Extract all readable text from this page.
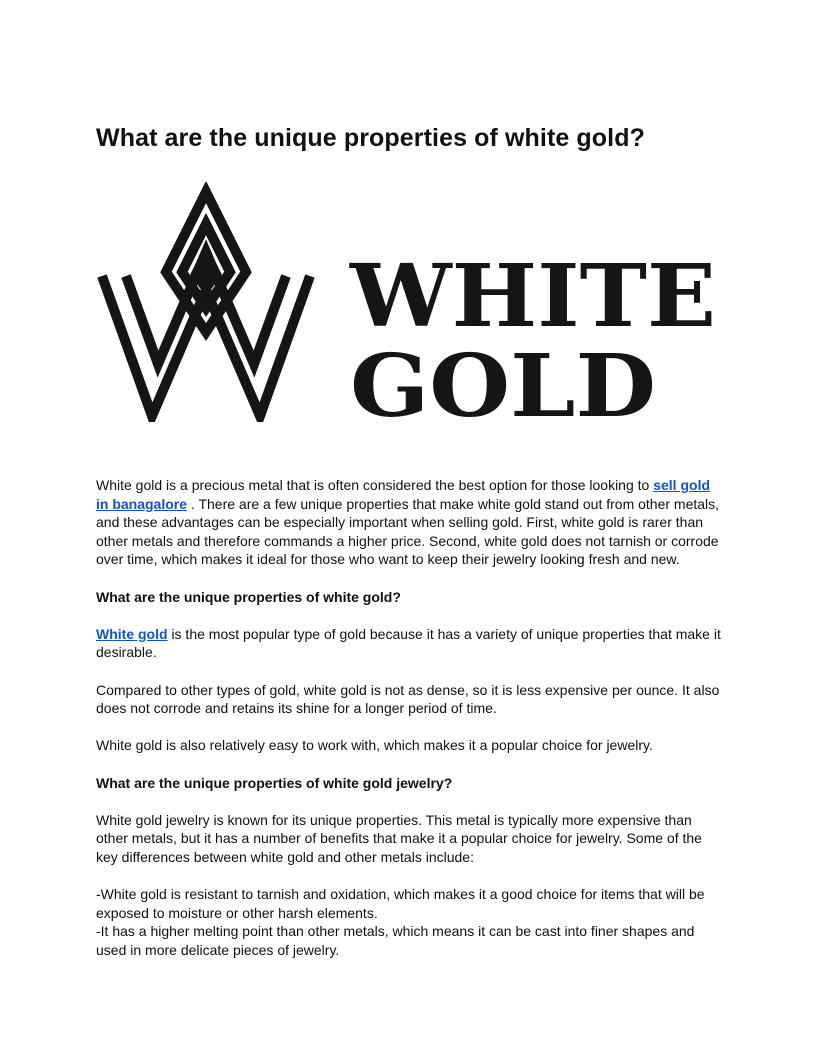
What are the unique properties of white gold?
WHITE
GOLD

White gold is a precious metal that is often considered the best option for those looking to sell gold in banagalore . There are a few unique properties that make white gold stand out from other metals, and these advantages can be especially important when selling gold. First, white gold is rarer than other metals and therefore commands a higher price. Second, white gold does not tarnish or corrode over time, which makes it ideal for those who want to keep their jewelry looking fresh and new.

What are the unique properties of white gold?

White gold is the most popular type of gold because it has a variety of unique properties that make it desirable.

Compared to other types of gold, white gold is not as dense, so it is less expensive per ounce. It also does not corrode and retains its shine for a longer period of time.

White gold is also relatively easy to work with, which makes it a popular choice for jewelry.

What are the unique properties of white gold jewelry?

White gold jewelry is known for its unique properties. This metal is typically more expensive than other metals, but it has a number of benefits that make it a popular choice for jewelry. Some of the key differences between white gold and other metals include:

-White gold is resistant to tarnish and oxidation, which makes it a good choice for items that will be exposed to moisture or other harsh elements.

-It has a higher melting point than other metals, which means it can be cast into finer shapes and used in more delicate pieces of jewelry.
